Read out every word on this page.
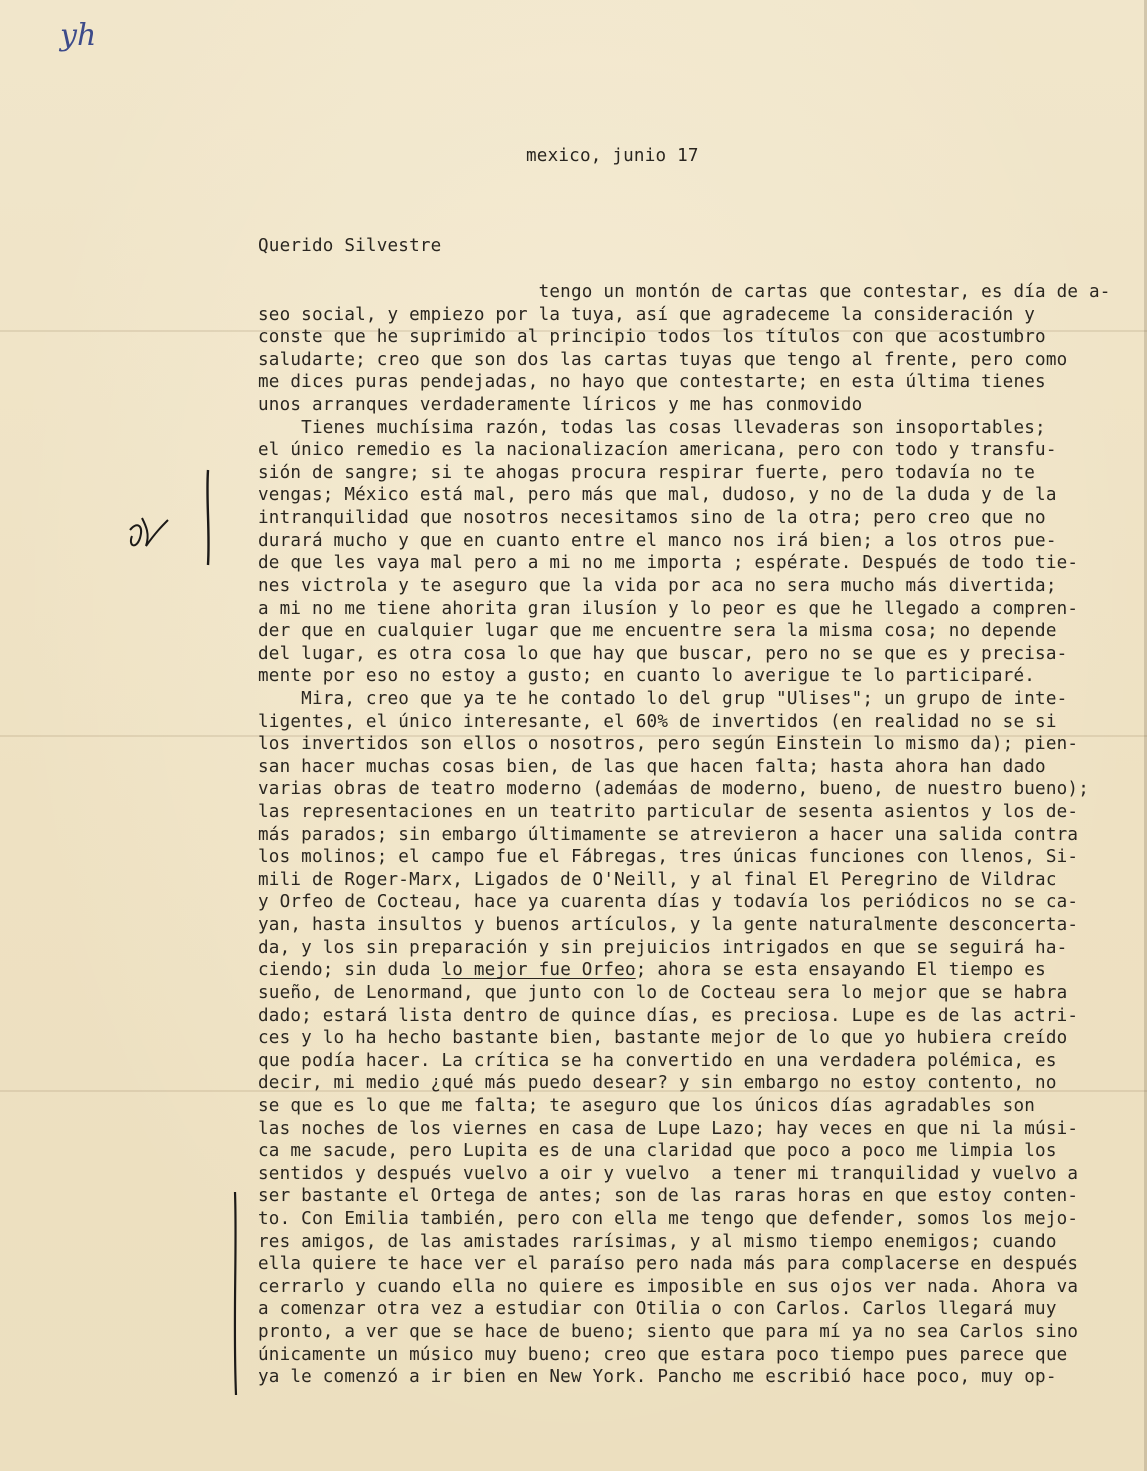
yh
mexico, junio 17
Querido Silvestre
tengo un montón de cartas que contestar, es día de a-
seo social, y empiezo por la tuya, así que agradeceme la consideración y
conste que he suprimido al principio todos los títulos con que acostumbro
saludarte; creo que son dos las cartas tuyas que tengo al frente, pero como
me dices puras pendejadas, no hayo que contestarte; en esta última tienes
unos arranques verdaderamente líricos y me has conmovido
Tienes muchísima razón, todas las cosas llevaderas son insoportables;
el único remedio es la nacionalizacíon americana, pero con todo y transfu-
sión de sangre; si te ahogas procura respirar fuerte, pero todavía no te
vengas; México está mal, pero más que mal, dudoso, y no de la duda y de la
intranquilidad que nosotros necesitamos sino de la otra; pero creo que no
durará mucho y que en cuanto entre el manco nos irá bien; a los otros pue-
de que les vaya mal pero a mi no me importa ; espérate. Después de todo tie-
nes victrola y te aseguro que la vida por aca no sera mucho más divertida;
a mi no me tiene ahorita gran ilusíon y lo peor es que he llegado a compren-
der que en cualquier lugar que me encuentre sera la misma cosa; no depende
del lugar, es otra cosa lo que hay que buscar, pero no se que es y precisa-
mente por eso no estoy a gusto; en cuanto lo averigue te lo participaré.
Mira, creo que ya te he contado lo del grup "Ulises"; un grupo de inte-
ligentes, el único interesante, el 60% de invertidos (en realidad no se si
los invertidos son ellos o nosotros, pero según Einstein lo mismo da); pien-
san hacer muchas cosas bien, de las que hacen falta; hasta ahora han dado
varias obras de teatro moderno (ademáas de moderno, bueno, de nuestro bueno);
las representaciones en un teatrito particular de sesenta asientos y los de-
más parados; sin embargo últimamente se atrevieron a hacer una salida contra
los molinos; el campo fue el Fábregas, tres únicas funciones con llenos, Si-
mili de Roger-Marx, Ligados de O'Neill, y al final El Peregrino de Vildrac
y Orfeo de Cocteau, hace ya cuarenta días y todavía los periódicos no se ca-
yan, hasta insultos y buenos artículos, y la gente naturalmente desconcerta-
da, y los sin preparación y sin prejuicios intrigados en que se seguirá ha-
ciendo; sin duda lo mejor fue Orfeo; ahora se esta ensayando El tiempo es
sueño, de Lenormand, que junto con lo de Cocteau sera lo mejor que se habra
dado; estará lista dentro de quince días, es preciosa. Lupe es de las actri-
ces y lo ha hecho bastante bien, bastante mejor de lo que yo hubiera creído
que podía hacer. La crítica se ha convertido en una verdadera polémica, es
decir, mi medio ¿qué más puedo desear? y sin embargo no estoy contento, no
se que es lo que me falta; te aseguro que los únicos días agradables son
las noches de los viernes en casa de Lupe Lazo; hay veces en que ni la músi-
ca me sacude, pero Lupita es de una claridad que poco a poco me limpia los
sentidos y después vuelvo a oir y vuelvo  a tener mi tranquilidad y vuelvo a
ser bastante el Ortega de antes; son de las raras horas en que estoy conten-
to. Con Emilia también, pero con ella me tengo que defender, somos los mejo-
res amigos, de las amistades rarísimas, y al mismo tiempo enemigos; cuando
ella quiere te hace ver el paraíso pero nada más para complacerse en después
cerrarlo y cuando ella no quiere es imposible en sus ojos ver nada. Ahora va
a comenzar otra vez a estudiar con Otilia o con Carlos. Carlos llegará muy
pronto, a ver que se hace de bueno; siento que para mí ya no sea Carlos sino
únicamente un músico muy bueno; creo que estara poco tiempo pues parece que
ya le comenzó a ir bien en New York. Pancho me escribió hace poco, muy op-
